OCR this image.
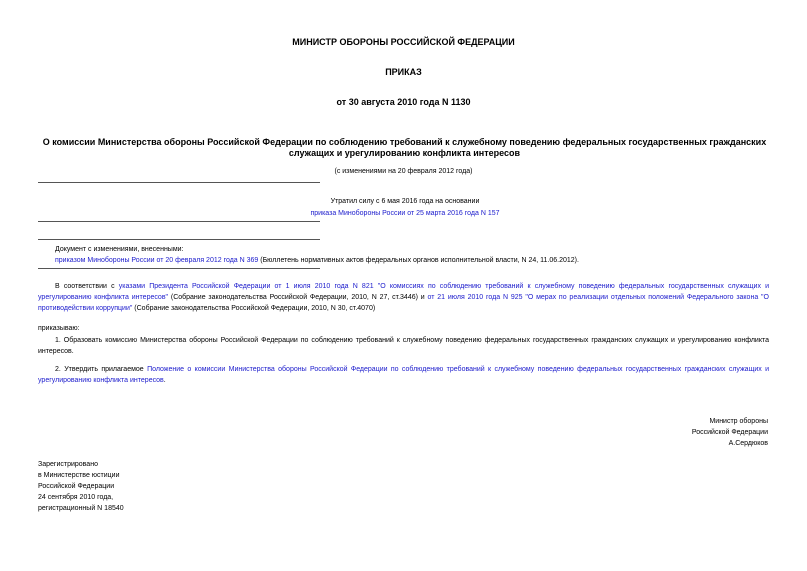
МИНИСТР ОБОРОНЫ РОССИЙСКОЙ ФЕДЕРАЦИИ
ПРИКАЗ
от 30 августа 2010 года N 1130
О комиссии Министерства обороны Российской Федерации по соблюдению требований к служебному поведению федеральных государственных гражданских служащих и урегулированию конфликта интересов
(с изменениями на 20 февраля 2012 года)
Утратил силу с 6 мая 2016 года на основании
приказа Минобороны России от 25 марта 2016 года N 157
Документ с изменениями, внесенными:
приказом Минобороны России от 20 февраля 2012 года N 369 (Бюллетень нормативных актов федеральных органов исполнительной власти, N 24, 11.06.2012).
В соответствии с указами Президента Российской Федерации от 1 июля 2010 года N 821 "О комиссиях по соблюдению требований к служебному поведению федеральных государственных служащих и урегулированию конфликта интересов" (Собрание законодательства Российской Федерации, 2010, N 27, ст.3446) и от 21 июля 2010 года N 925 "О мерах по реализации отдельных положений Федерального закона "О противодействии коррупции" (Собрание законодательства Российской Федерации, 2010, N 30, ст.4070)
приказываю:
1. Образовать комиссию Министерства обороны Российской Федерации по соблюдению требований к служебному поведению федеральных государственных гражданских служащих и урегулированию конфликта интересов.
2. Утвердить прилагаемое Положение о комиссии Министерства обороны Российской Федерации по соблюдению требований к служебному поведению федеральных государственных гражданских служащих и урегулированию конфликта интересов.
Министр обороны
Российской Федерации
А.Сердюков
Зарегистрировано
в Министерстве юстиции
Российской Федерации
24 сентября 2010 года,
регистрационный N 18540
